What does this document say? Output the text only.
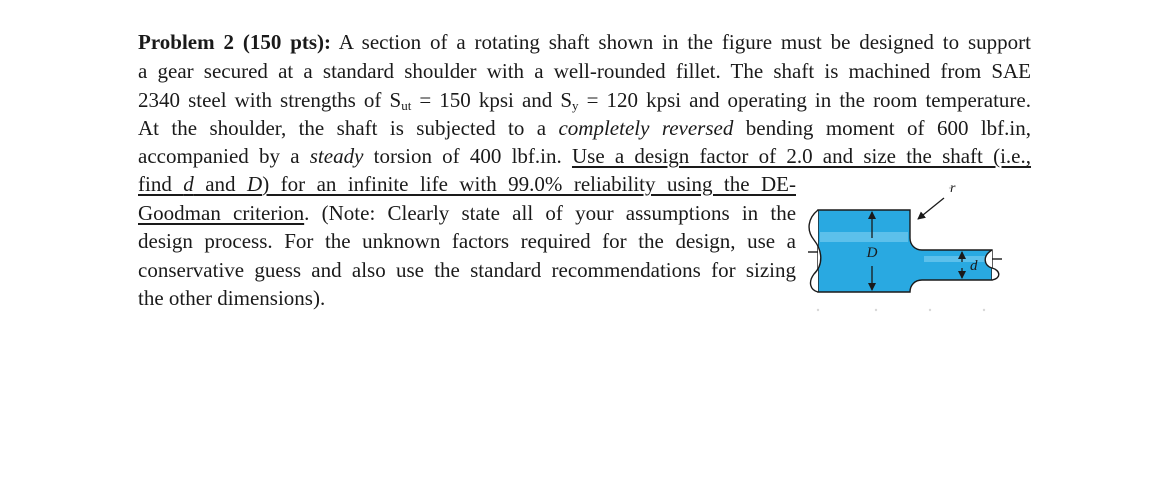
Problem 2 (150 pts): A section of a rotating shaft shown in the figure must be designed to support
a gear secured at a standard shoulder with a well-rounded fillet. The shaft is machined from SAE
2340 steel with strengths of $S_{ut} = 150$ kpsi and $S_y = 120$ kpsi and operating in the room temperature.
At the shoulder, the shaft is subjected to a completely reversed bending moment of 600 lbf.in,
accompanied by a steady torsion of 400 lbf.in. Use a design factor of 2.0 and size the shaft (i.e.,
find d and D) for an infinite life with 99.0% reliability using the DE-
Goodman criterion. (Note: Clearly state all of your assumptions in the
design process. For the unknown factors required for the design, use a
conservative guess and also use the standard recommendations for sizing
the other dimensions).
D
d
r
